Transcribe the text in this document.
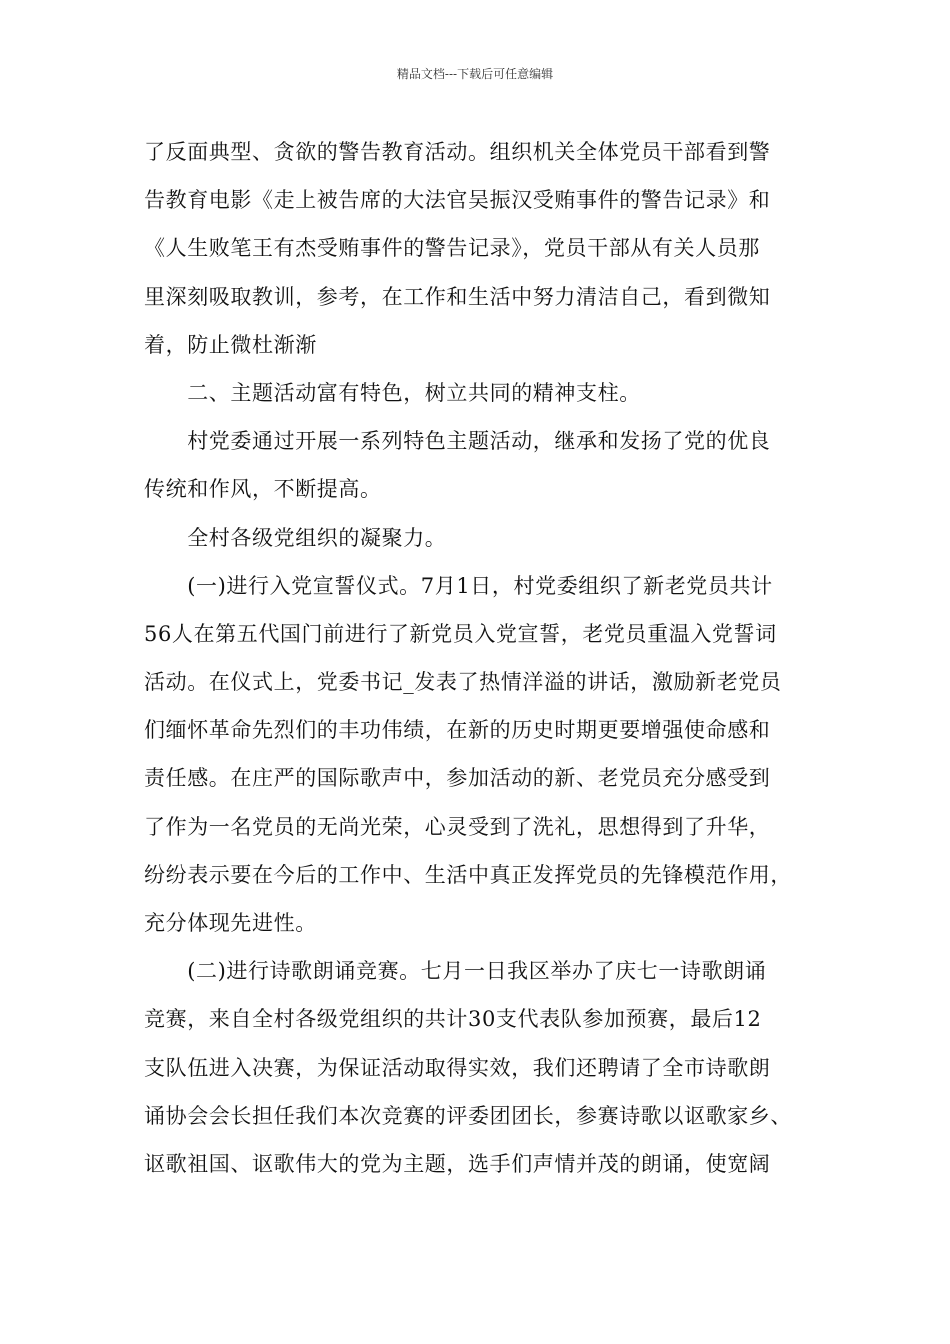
精品文档---下载后可任意编辑

了反面典型、贪欲的警告教育活动。组织机关全体党员干部看到警
告教育电影《走上被告席的大法官吴振汉受贿事件的警告记录》和
《人生败笔王有杰受贿事件的警告记录》，党员干部从有关人员那
里深刻吸取教训，参考，在工作和生活中努力清洁自己，看到微知
着，防止微杜渐渐

　　二、主题活动富有特色，树立共同的精神支柱。

　　村党委通过开展一系列特色主题活动，继承和发扬了党的优良
传统和作风，不断提高。

　　全村各级党组织的凝聚力。

　　(一)进行入党宣誓仪式。7月1日，村党委组织了新老党员共计
56人在第五代国门前进行了新党员入党宣誓，老党员重温入党誓词
活动。在仪式上，党委书记_发表了热情洋溢的讲话，激励新老党员
们缅怀革命先烈们的丰功伟绩，在新的历史时期更要增强使命感和
责任感。在庄严的国际歌声中，参加活动的新、老党员充分感受到
了作为一名党员的无尚光荣，心灵受到了洗礼，思想得到了升华，
纷纷表示要在今后的工作中、生活中真正发挥党员的先锋模范作用，
充分体现先进性。

　　(二)进行诗歌朗诵竞赛。七月一日我区举办了庆七一诗歌朗诵
竞赛，来自全村各级党组织的共计30支代表队参加预赛，最后12
支队伍进入决赛，为保证活动取得实效，我们还聘请了全市诗歌朗
诵协会会长担任我们本次竞赛的评委团团长，参赛诗歌以讴歌家乡、
讴歌祖国、讴歌伟大的党为主题，选手们声情并茂的朗诵，使宽阔
